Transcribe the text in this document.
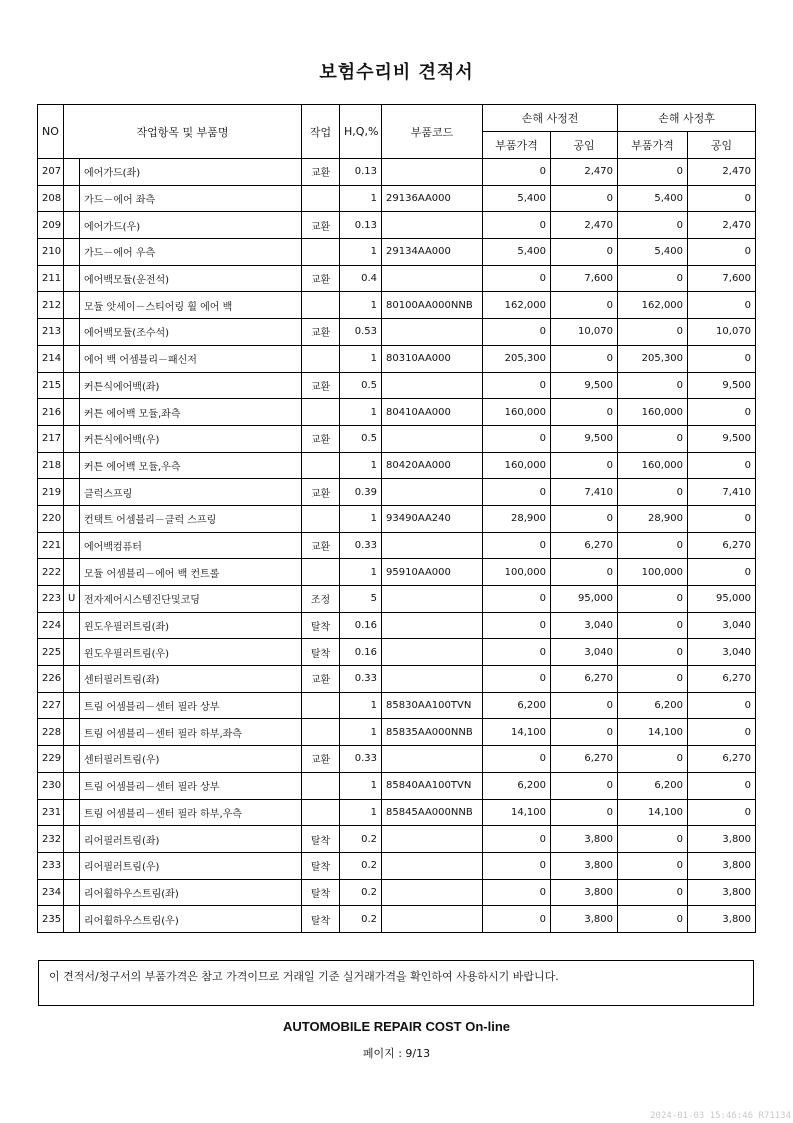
보험수리비 견적서
NO	작업항목 및 부품명		작업	H,Q,%	부품코드	손해 사정전		손해 사정후	
						부품가격	공임	부품가격	공임
207		에어가드(좌)	교환	0.13		0	2,470	0	2,470
208		가드－에어 좌측		1	29136AA000	5,400	0	5,400	0
209		에어가드(우)	교환	0.13		0	2,470	0	2,470
210		가드－에어 우측		1	29134AA000	5,400	0	5,400	0
211		에어백모듈(운전석)	교환	0.4		0	7,600	0	7,600
212		모듈 앗세이－스티어링 휠 에어 백		1	80100AA000NNB	162,000	0	162,000	0
213		에어백모듈(조수석)	교환	0.53		0	10,070	0	10,070
214		에어 백 어셈블리－패신저		1	80310AA000	205,300	0	205,300	0
215		커튼식에어백(좌)	교환	0.5		0	9,500	0	9,500
216		커튼 에어백 모듈,좌측		1	80410AA000	160,000	0	160,000	0
217		커튼식에어백(우)	교환	0.5		0	9,500	0	9,500
218		커튼 에어백 모듈,우측		1	80420AA000	160,000	0	160,000	0
219		클럭스프링	교환	0.39		0	7,410	0	7,410
220		컨택트 어셈블리－클럭 스프링		1	93490AA240	28,900	0	28,900	0
221		에어백컴퓨터	교환	0.33		0	6,270	0	6,270
222		모듈 어셈블리－에어 백 컨트롤		1	95910AA000	100,000	0	100,000	0
223	U	전자제어시스템진단및코딩	조정	5		0	95,000	0	95,000
224		윈도우필러트림(좌)	탈착	0.16		0	3,040	0	3,040
225		윈도우필러트림(우)	탈착	0.16		0	3,040	0	3,040
226		센터필러트림(좌)	교환	0.33		0	6,270	0	6,270
227		트림 어셈블리－센터 필라 상부		1	85830AA100TVN	6,200	0	6,200	0
228		트림 어셈블리－센터 필라 하부,좌측		1	85835AA000NNB	14,100	0	14,100	0
229		센터필러트림(우)	교환	0.33		0	6,270	0	6,270
230		트림 어셈블리－센터 필라 상부		1	85840AA100TVN	6,200	0	6,200	0
231		트림 어셈블리－센터 필라 하부,우측		1	85845AA000NNB	14,100	0	14,100	0
232		리어필러트림(좌)	탈착	0.2		0	3,800	0	3,800
233		리어필러트림(우)	탈착	0.2		0	3,800	0	3,800
234		리어휠하우스트림(좌)	탈착	0.2		0	3,800	0	3,800
235		리어휠하우스트림(우)	탈착	0.2		0	3,800	0	3,800
이 견적서/청구서의 부품가격은 참고 가격이므로 거래일 기준 실거래가격을 확인하여 사용하시기 바랍니다.
AUTOMOBILE REPAIR COST On-line
페이지 : 9/13
2024-01-03 15:46:46 R71134
